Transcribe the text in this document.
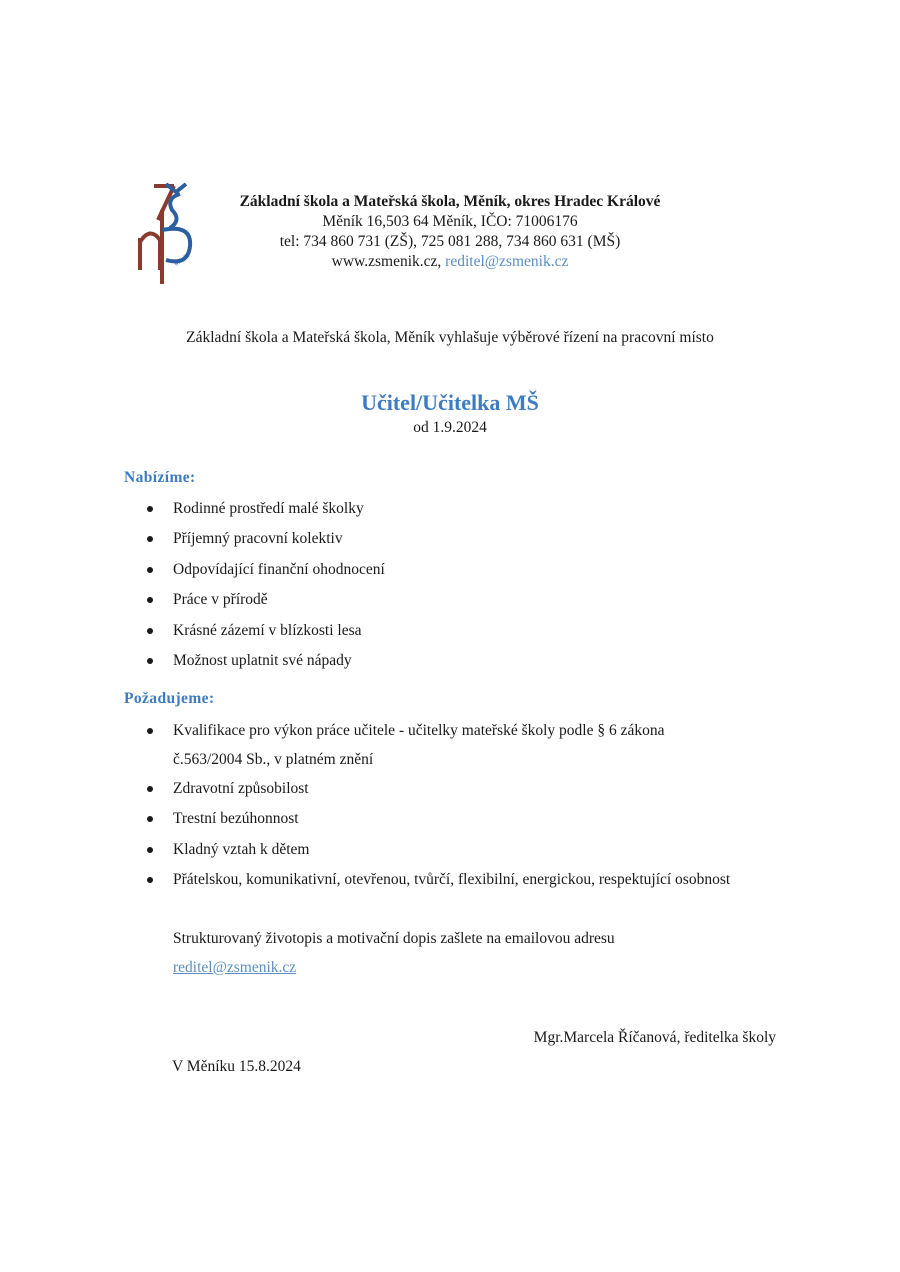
Měník
Základní škola a Mateřská škola, Měník, okres Hradec Králové
Měník 16,503 64 Měník, IČO: 71006176
tel: 734 860 731 (ZŠ), 725 081 288, 734 860 631 (MŠ)
www.zsmenik.cz, reditel@zsmenik.cz
Základní škola a Mateřská škola, Měník vyhlašuje výběrové řízení na pracovní místo
Učitel/Učitelka MŠ
od 1.9.2024
Nabízíme:
Rodinné prostředí malé školky
Příjemný pracovní kolektiv
Odpovídající finanční ohodnocení
Práce v přírodě
Krásné zázemí v blízkosti lesa
Možnost uplatnit své nápady
Požadujeme:
Kvalifikace pro výkon práce učitele - učitelky mateřské školy podle § 6 zákona
č.563/2004 Sb., v platném znění
Zdravotní způsobilost
Trestní bezúhonnost
Kladný vztah k dětem
Přátelskou, komunikativní, otevřenou, tvůrčí, flexibilní, energickou, respektující osobnost
Strukturovaný životopis a motivační dopis zašlete na emailovou adresu
reditel@zsmenik.cz
Mgr.Marcela Říčanová, ředitelka školy
V Měníku 15.8.2024
